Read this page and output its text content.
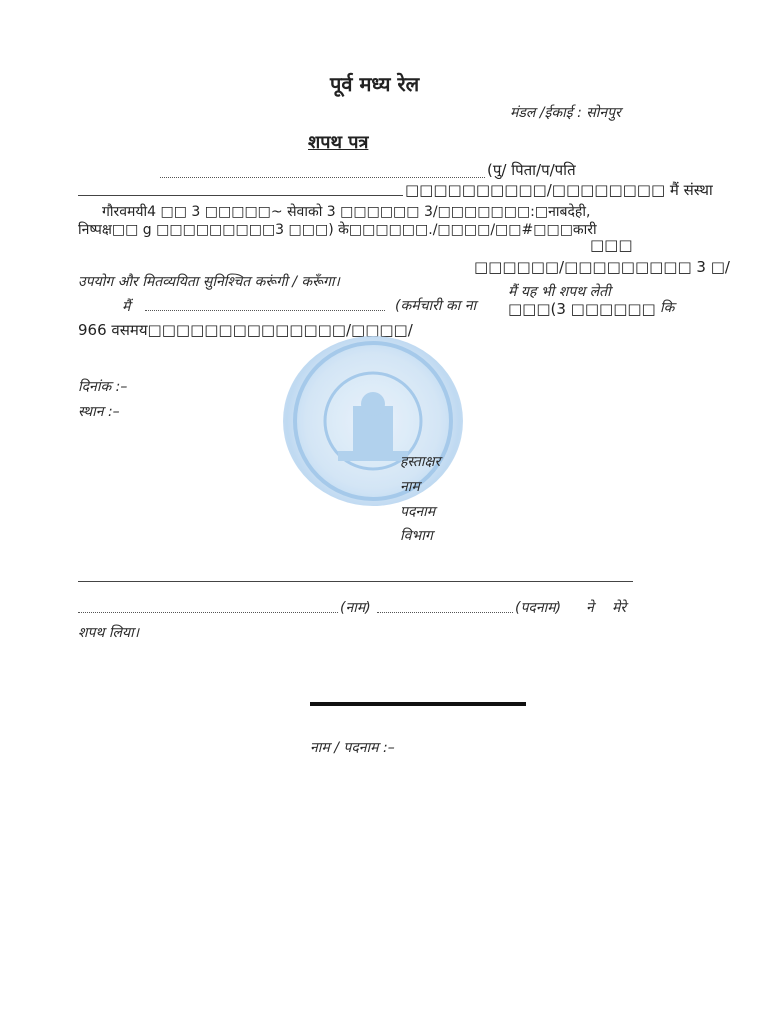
पूर्व मध्य रेल
मंडल /ईकाई : सोनपुर
शपथ पत्र
(पु/ पिता/प/पति
□□□□□□□□□□/□□□□□□□□ मैं संस्था
गौरवमयी4 □□ 3 □□□□□~ सेवाको 3 □□□□□□ 3/□□□□□□□:□नाबदेही,
निष्पक्ष□□ g □□□□□□□□□3 □□□) के□□□□□□./□□□□/□□#□□□कारी
□□□
□□□□□□/□□□□□□□□□ 3 □/
उपयोग और मितव्ययिता सुनिश्चित करूंगी / करूँगा।
मैं	(कर्मचारी का ना
मैं यह भी शपथ लेती
□□□(3 □□□□□□ कि
966 वसमय□□□□□□□□□□□□□□/□□□□/
दिनांक :–
स्थान :–
हस्ताक्षर
नाम
पदनाम
विभाग
(नाम)	(पदनाम) ने मेरे
शपथ लिया।
नाम / पदनाम :–
